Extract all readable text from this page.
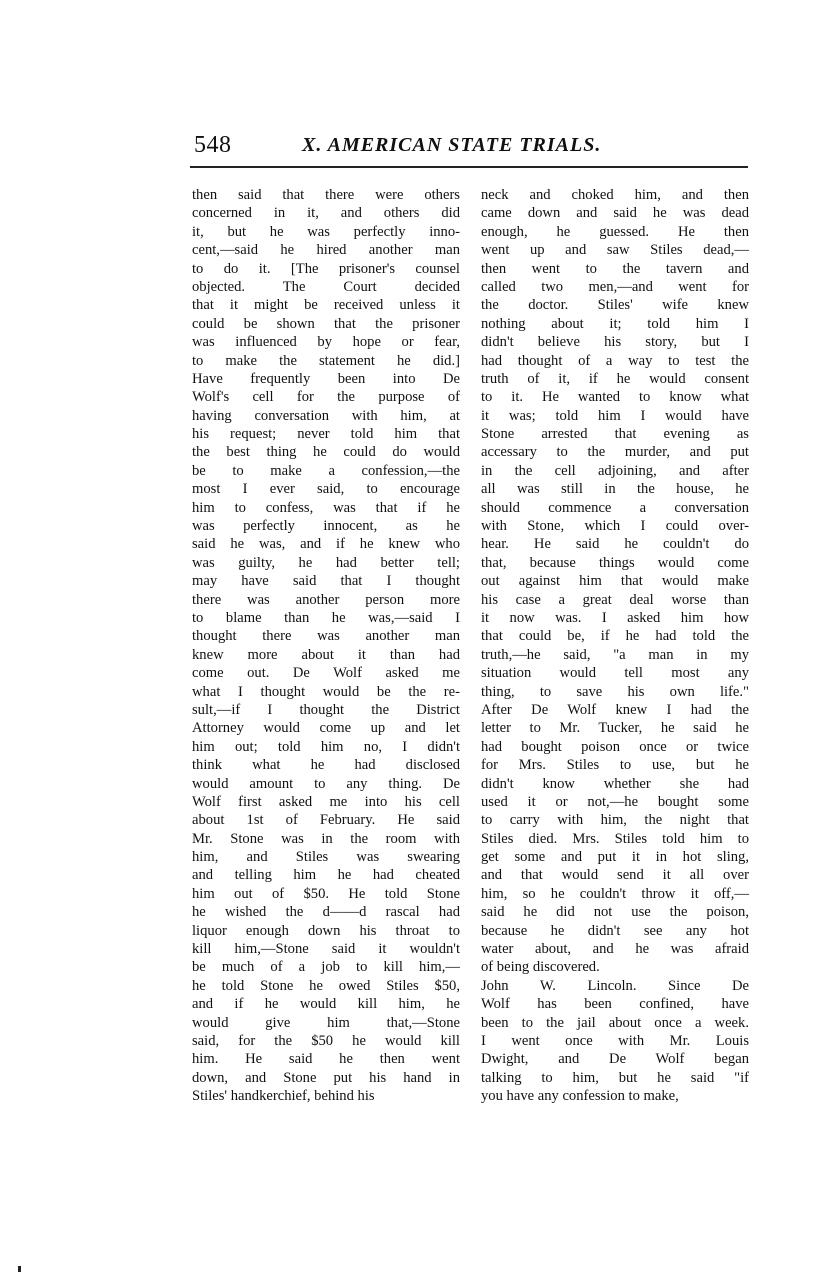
548	X. AMERICAN STATE TRIALS.
then said that there were others
concerned in it, and others did
it, but he was perfectly inno-
cent,—said he hired another man
to do it. [The prisoner's counsel
objected. The Court decided
that it might be received unless it
could be shown that the prisoner
was influenced by hope or fear,
to make the statement he did.]
Have frequently been into De
Wolf's cell for the purpose of
having conversation with him, at
his request; never told him that
the best thing he could do would
be to make a confession,—the
most I ever said, to encourage
him to confess, was that if he
was perfectly innocent, as he
said he was, and if he knew who
was guilty, he had better tell;
may have said that I thought
there was another person more
to blame than he was,—said I
thought there was another man
knew more about it than had
come out. De Wolf asked me
what I thought would be the re-
sult,—if I thought the District
Attorney would come up and let
him out; told him no, I didn't
think what he had disclosed
would amount to any thing. De
Wolf first asked me into his cell
about 1st of February. He said
Mr. Stone was in the room with
him, and Stiles was swearing
and telling him he had cheated
him out of $50. He told Stone
he wished the d——d rascal had
liquor enough down his throat to
kill him,—Stone said it wouldn't
be much of a job to kill him,—
he told Stone he owed Stiles $50,
and if he would kill him, he
would give him that,—Stone
said, for the $50 he would kill
him. He said he then went
down, and Stone put his hand in
Stiles' handkerchief, behind his
neck and choked him, and then
came down and said he was dead
enough, he guessed. He then
went up and saw Stiles dead,—
then went to the tavern and
called two men,—and went for
the doctor. Stiles' wife knew
nothing about it; told him I
didn't believe his story, but I
had thought of a way to test the
truth of it, if he would consent
to it. He wanted to know what
it was; told him I would have
Stone arrested that evening as
accessary to the murder, and put
in the cell adjoining, and after
all was still in the house, he
should commence a conversation
with Stone, which I could over-
hear. He said he couldn't do
that, because things would come
out against him that would make
his case a great deal worse than
it now was. I asked him how
that could be, if he had told the
truth,—he said, "a man in my
situation would tell most any
thing, to save his own life."
After De Wolf knew I had the
letter to Mr. Tucker, he said he
had bought poison once or twice
for Mrs. Stiles to use, but he
didn't know whether she had
used it or not,—he bought some
to carry with him, the night that
Stiles died. Mrs. Stiles told him to
get some and put it in hot sling,
and that would send it all over
him, so he couldn't throw it off,—
said he did not use the poison,
because he didn't see any hot
water about, and he was afraid
of being discovered.
John W. Lincoln. Since De
Wolf has been confined, have
been to the jail about once a week.
I went once with Mr. Louis
Dwight, and De Wolf began
talking to him, but he said "if
you have any confession to make,
